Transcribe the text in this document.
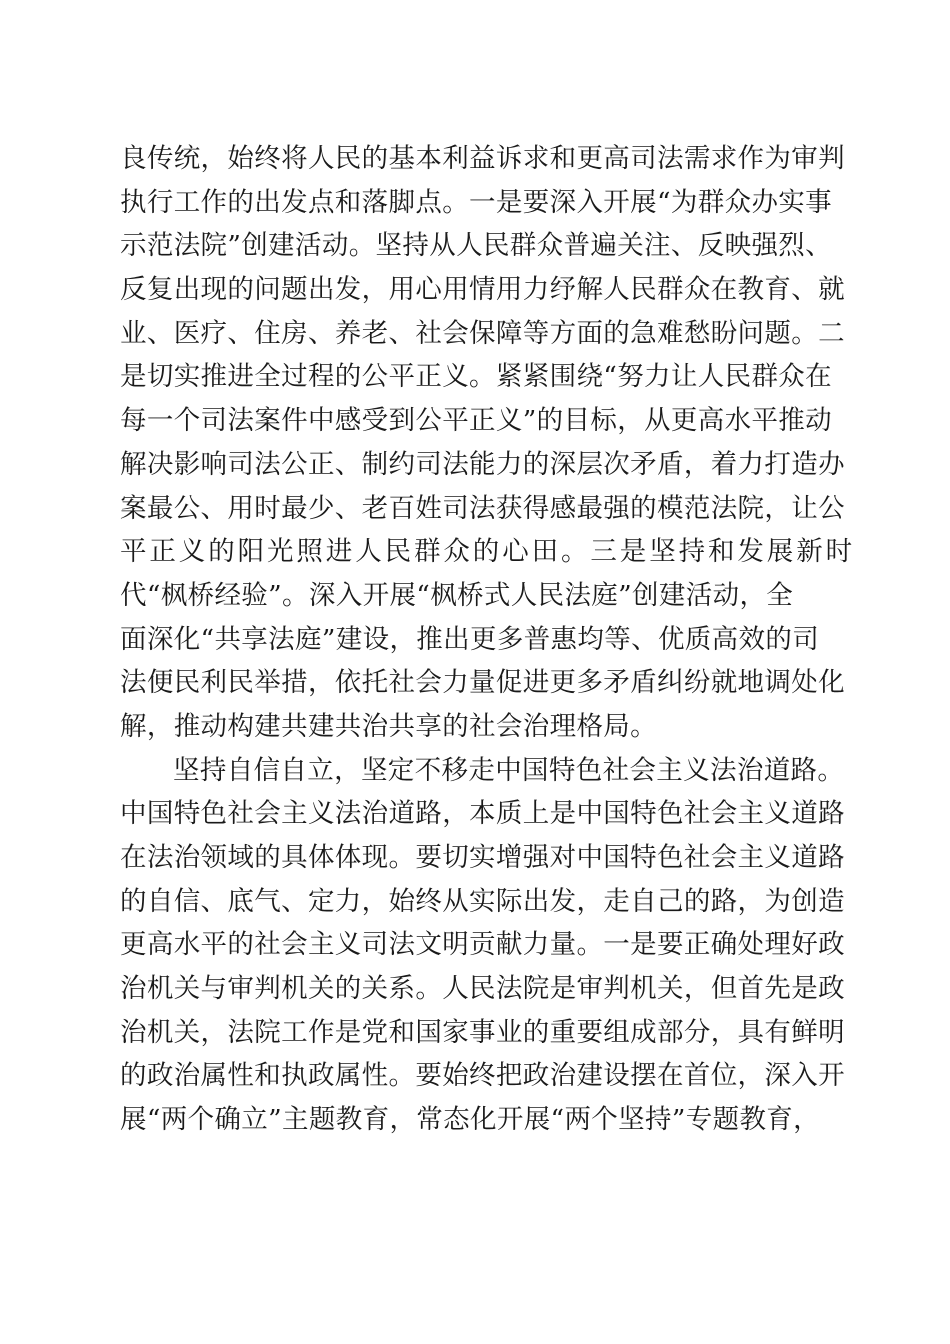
良传统，始终将人民的基本利益诉求和更高司法需求作为审判
执行工作的出发点和落脚点。一是要深入开展“为群众办实事
示范法院”创建活动。坚持从人民群众普遍关注、反映强烈、
反复出现的问题出发，用心用情用力纾解人民群众在教育、就
业、医疗、住房、养老、社会保障等方面的急难愁盼问题。二
是切实推进全过程的公平正义。紧紧围绕“努力让人民群众在
每一个司法案件中感受到公平正义”的目标，从更高水平推动
解决影响司法公正、制约司法能力的深层次矛盾，着力打造办
案最公、用时最少、老百姓司法获得感最强的模范法院，让公
平正义的阳光照进人民群众的心田。三是坚持和发展新时
代“枫桥经验”。深入开展“枫桥式人民法庭”创建活动，全
面深化“共享法庭”建设，推出更多普惠均等、优质高效的司
法便民利民举措，依托社会力量促进更多矛盾纠纷就地调处化
解，推动构建共建共治共享的社会治理格局。
坚持自信自立，坚定不移走中国特色社会主义法治道路。
中国特色社会主义法治道路，本质上是中国特色社会主义道路
在法治领域的具体体现。要切实增强对中国特色社会主义道路
的自信、底气、定力，始终从实际出发，走自己的路，为创造
更高水平的社会主义司法文明贡献力量。一是要正确处理好政
治机关与审判机关的关系。人民法院是审判机关，但首先是政
治机关，法院工作是党和国家事业的重要组成部分，具有鲜明
的政治属性和执政属性。要始终把政治建设摆在首位，深入开
展“两个确立”主题教育，常态化开展“两个坚持”专题教育，
